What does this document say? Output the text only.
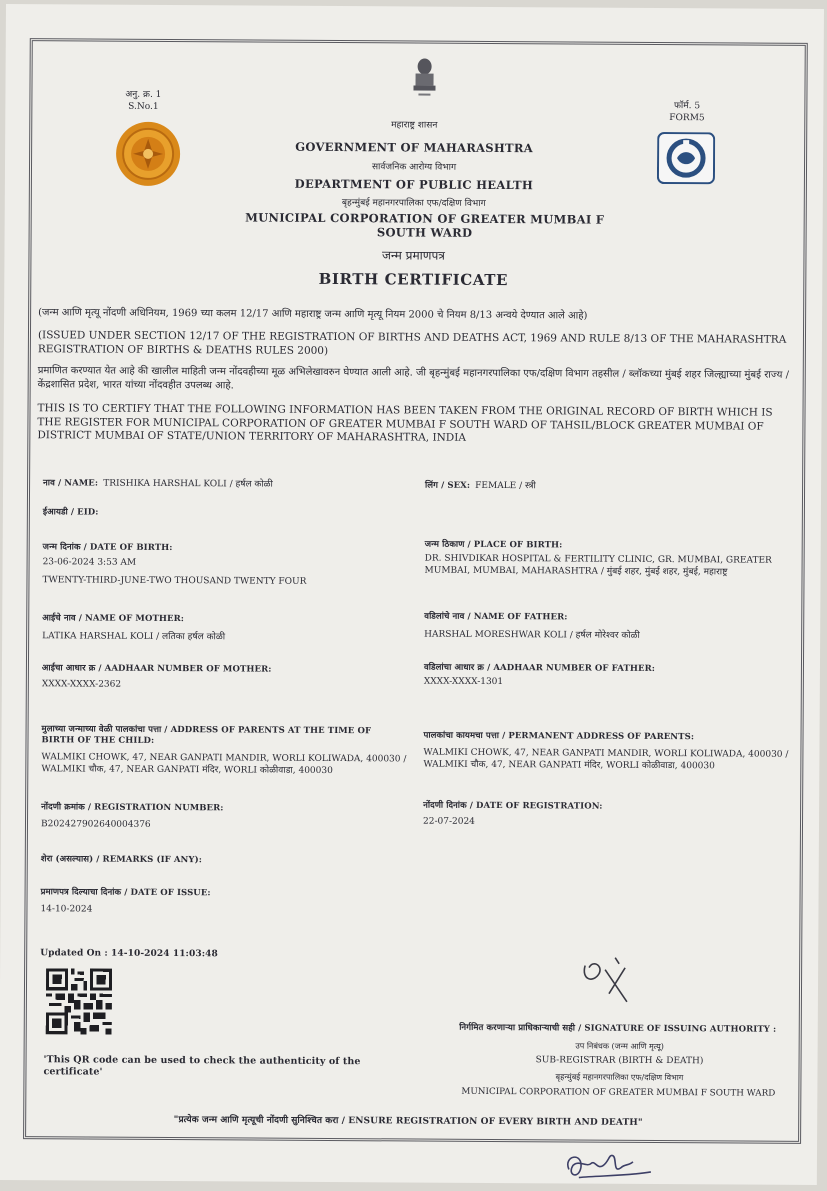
अनु. क्र. 1
S.No.1	फॉर्म. 5
FORM5
महाराष्ट्र शासन
GOVERNMENT OF MAHARASHTRA
सार्वजनिक आरोग्य विभाग
DEPARTMENT OF PUBLIC HEALTH
बृहन्मुंबई महानगरपालिका एफ/दक्षिण विभाग
MUNICIPAL CORPORATION OF GREATER MUMBAI F SOUTH WARD
जन्म प्रमाणपत्र
BIRTH CERTIFICATE
(जन्म आणि मृत्यू नोंदणी अधिनियम, 1969 च्या कलम 12/17 आणि महाराष्ट्र जन्म आणि मृत्यू नियम 2000 चे नियम 8/13 अन्वये देण्यात आले आहे)
(ISSUED UNDER SECTION 12/17 OF THE REGISTRATION OF BIRTHS AND DEATHS ACT, 1969 AND RULE 8/13 OF THE MAHARASHTRA REGISTRATION OF BIRTHS & DEATHS RULES 2000)
प्रमाणित करण्यात येत आहे की खालील माहिती जन्म नोंदवहीच्या मूळ अभिलेखावरुन घेण्यात आली आहे. जी बृहन्मुंबई महानगरपालिका एफ/दक्षिण विभाग तहसील / ब्लॉकच्या मुंबई शहर जिल्ह्याच्या मुंबई राज्य / केंद्रशासित प्रदेश, भारत यांच्या नोंदवहीत उपलब्ध आहे.
THIS IS TO CERTIFY THAT THE FOLLOWING INFORMATION HAS BEEN TAKEN FROM THE ORIGINAL RECORD OF BIRTH WHICH IS THE REGISTER FOR MUNICIPAL CORPORATION OF GREATER MUMBAI F SOUTH WARD OF TAHSIL/BLOCK GREATER MUMBAI OF DISTRICT MUMBAI OF STATE/UNION TERRITORY OF MAHARASHTRA, INDIA
नाव / NAME: TRISHIKA HARSHAL KOLI / हर्षल कोळी	लिंग / SEX: FEMALE / स्त्री
ईआयडी / EID:
जन्म दिनांक / DATE OF BIRTH:
23-06-2024 3:53 AM
TWENTY-THIRD-JUNE-TWO THOUSAND TWENTY FOUR
जन्म ठिकाण / PLACE OF BIRTH:
DR. SHIVDIKAR HOSPITAL & FERTILITY CLINIC, GR. MUMBAI, GREATER MUMBAI, MUMBAI, MAHARASHTRA / मुंबई शहर, मुंबई शहर, मुंबई, महाराष्ट्र
आईचे नाव / NAME OF MOTHER:
LATIKA HARSHAL KOLI / लतिका हर्षल कोळी
वडिलांचे नाव / NAME OF FATHER:
HARSHAL MORESHWAR KOLI / हर्षल मोरेश्वर कोळी
आईचा आधार क्र / AADHAAR NUMBER OF MOTHER:
XXXX-XXXX-2362
वडिलांचा आधार क्र / AADHAAR NUMBER OF FATHER:
XXXX-XXXX-1301
मुलाच्या जन्माच्या वेळी पालकांचा पत्ता / ADDRESS OF PARENTS AT THE TIME OF BIRTH OF THE CHILD:
WALMIKI CHOWK, 47, NEAR GANPATI MANDIR, WORLI KOLIWADA, 400030 / WALMIKI चौक, 47, NEAR GANPATI मंदिर, WORLI कोळीवाडा, 400030
पालकांचा कायमचा पत्ता / PERMANENT ADDRESS OF PARENTS:
WALMIKI CHOWK, 47, NEAR GANPATI MANDIR, WORLI KOLIWADA, 400030 / WALMIKI चौक, 47, NEAR GANPATI मंदिर, WORLI कोळीवाडा, 400030
नोंदणी क्रमांक / REGISTRATION NUMBER:
B202427902640004376
नोंदणी दिनांक / DATE OF REGISTRATION:
22-07-2024
शेरा (असल्यास) / REMARKS (IF ANY):
प्रमाणपत्र दिल्याचा दिनांक / DATE OF ISSUE:
14-10-2024
Updated On : 14-10-2024 11:03:48
'This QR code can be used to check the authenticity of the certificate'
निर्गमित करणाऱ्या प्राधिकाऱ्याची सही / SIGNATURE OF ISSUING AUTHORITY :
उप निबंधक (जन्म आणि मृत्यू)
SUB-REGISTRAR (BIRTH & DEATH)
बृहन्मुंबई महानगरपालिका एफ/दक्षिण विभाग
MUNICIPAL CORPORATION OF GREATER MUMBAI F SOUTH WARD
"प्रत्येक जन्म आणि मृत्यूची नोंदणी सुनिश्चित करा / ENSURE REGISTRATION OF EVERY BIRTH AND DEATH"
